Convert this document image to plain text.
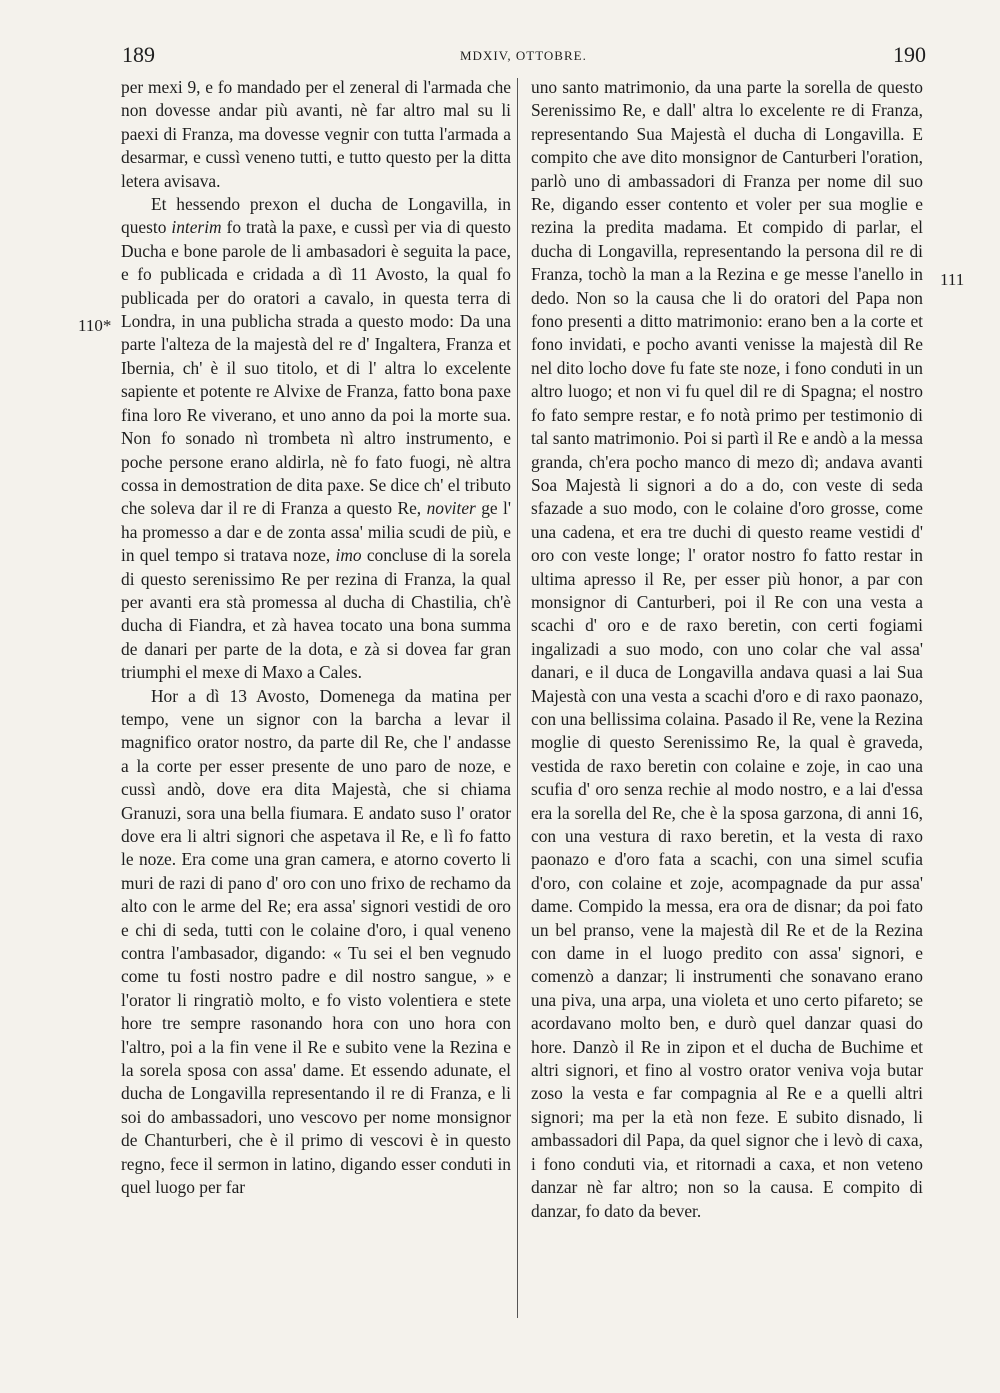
189	MDXIV, OTTOBRE.	190
110*
111

per mexi 9, e fo mandado per el zeneral di l'armada che non dovesse andar più avanti, nè far altro mal su li paexi di Franza, ma dovesse vegnir con tutta l'armada a desarmar, e cussì veneno tutti, e tutto questo per la ditta letera avisava.

Et hessendo prexon el ducha de Longavilla, in questo interim fo tratà la paxe, e cussì per via di questo Ducha e bone parole de li ambasadori è seguita la pace, e fo publicada e cridada a dì 11 Avosto, la qual fo publicada per do oratori a cavalo, in questa terra di Londra, in una publicha strada a questo modo: Da una parte l'alteza de la majestà del re d' Ingaltera, Franza et Ibernia, ch' è il suo titolo, et di l' altra lo excelente sapiente et potente re Alvixe de Franza, fatto bona paxe fina loro Re viverano, et uno anno da poi la morte sua. Non fo sonado nì trombeta nì altro instrumento, e poche persone erano aldirla, nè fo fato fuogi, nè altra cossa in demostration de dita paxe. Se dice ch' el tributo che soleva dar il re di Franza a questo Re, noviter ge l' ha promesso a dar e de zonta assa' milia scudi de più, e in quel tempo si tratava noze, imo concluse di la sorela di questo serenissimo Re per rezina di Franza, la qual per avanti era stà promessa al ducha di Chastilia, ch'è ducha di Fiandra, et zà havea tocato una bona summa de danari per parte de la dota, e zà si dovea far gran triumphi el mexe di Maxo a Cales.

Hor a dì 13 Avosto, Domenega da matina per tempo, vene un signor con la barcha a levar il magnifico orator nostro, da parte dil Re, che l' andasse a la corte per esser presente de uno paro de noze, e cussì andò, dove era dita Majestà, che si chiama Granuzi, sora una bella fiumara. E andato suso l' orator dove era li altri signori che aspetava il Re, e lì fo fatto le noze. Era come una gran camera, e atorno coverto li muri de razi di pano d' oro con uno frixo de rechamo da alto con le arme del Re; era assa' signori vestidi de oro e chi di seda, tutti con le colaine d'oro, i qual veneno contra l'ambasador, digando: « Tu sei el ben vegnudo come tu fosti nostro padre e dil nostro sangue, » e l'orator li ringratiò molto, e fo visto volentiera e stete hore tre sempre rasonando hora con uno hora con l'altro, poi a la fin vene il Re e subito vene la Rezina e la sorela sposa con assa' dame. Et essendo adunate, el ducha de Longavilla representando il re di Franza, e li soi do ambassadori, uno vescovo per nome monsignor de Chanturberi, che è il primo di vescovi è in questo regno, fece il sermon in latino, digando esser conduti in quel luogo per far

uno santo matrimonio, da una parte la sorella de questo Serenissimo Re, e dall' altra lo excelente re di Franza, representando Sua Majestà el ducha di Longavilla. E compito che ave dito monsignor de Canturberi l'oration, parlò uno di ambassadori di Franza per nome dil suo Re, digando esser contento et voler per sua moglie e rezina la predita madama. Et compido di parlar, el ducha di Longavilla, representando la persona dil re di Franza, tochò la man a la Rezina e ge messe l'anello in dedo. Non so la causa che li do oratori del Papa non fono presenti a ditto matrimonio: erano ben a la corte et fono invidati, e pocho avanti venisse la majestà dil Re nel dito locho dove fu fate ste noze, i fono conduti in un altro luogo; et non vi fu quel dil re di Spagna; el nostro fo fato sempre restar, e fo notà primo per testimonio di tal santo matrimonio. Poi si partì il Re e andò a la messa granda, ch'era pocho manco di mezo dì; andava avanti Soa Majestà li signori a do a do, con veste di seda sfazade a suo modo, con le colaine d'oro grosse, come una cadena, et era tre duchi di questo reame vestidi d' oro con veste longe; l' orator nostro fo fatto restar in ultima apresso il Re, per esser più honor, a par con monsignor di Canturberi, poi il Re con una vesta a scachi d' oro e de raxo beretin, con certi fogiami ingalizadi a suo modo, con uno colar che val assa' danari, e il duca de Longavilla andava quasi a lai Sua Majestà con una vesta a scachi d'oro e di raxo paonazo, con una bellissima colaina. Pasado il Re, vene la Rezina moglie di questo Serenissimo Re, la qual è graveda, vestida de raxo beretin con colaine e zoje, in cao una scufia d' oro senza rechie al modo nostro, e a lai d'essa era la sorella del Re, che è la sposa garzona, di anni 16, con una vestura di raxo beretin, et la vesta di raxo paonazo e d'oro fata a scachi, con una simel scufia d'oro, con colaine et zoje, acompagnade da pur assa' dame. Compido la messa, era ora de disnar; da poi fato un bel pranso, vene la majestà dil Re et de la Rezina con dame in el luogo predito con assa' signori, e comenzò a danzar; li instrumenti che sonavano erano una piva, una arpa, una violeta et uno certo pifareto; se acordavano molto ben, e durò quel danzar quasi do hore. Danzò il Re in zipon et el ducha de Buchime et altri signori, et fino al vostro orator veniva voja butar zoso la vesta e far compagnia al Re e a quelli altri signori; ma per la età non feze. E subito disnado, li ambassadori dil Papa, da quel signor che i levò di caxa, i fono conduti via, et ritornadi a caxa, et non veteno danzar nè far altro; non so la causa. E compito di danzar, fo dato da bever.
